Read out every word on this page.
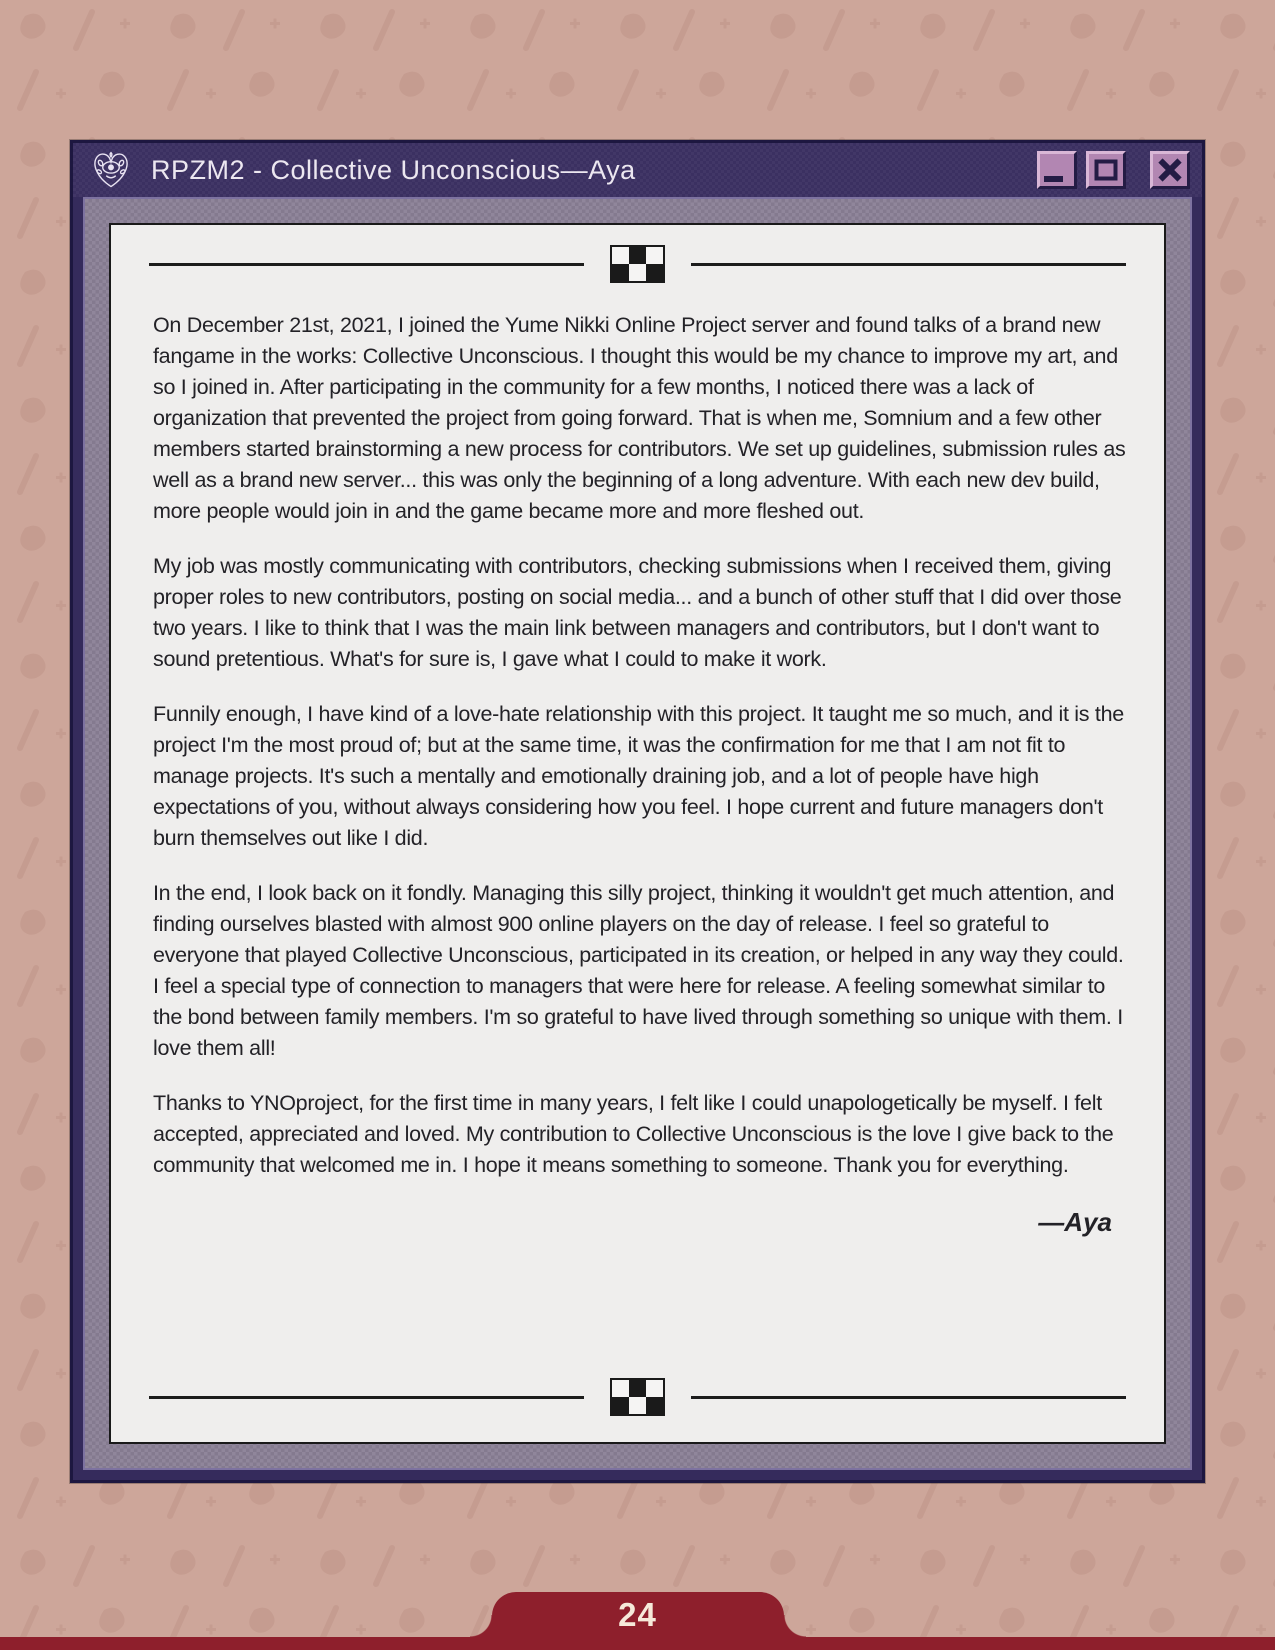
RPZM2 - Collective Unconscious—Aya

On December 21st, 2021, I joined the Yume Nikki Online Project server and found talks of a brand new fangame in the works: Collective Unconscious. I thought this would be my chance to improve my art, and so I joined in. After participating in the community for a few months, I noticed there was a lack of organization that prevented the project from going forward. That is when me, Somnium and a few other members started brainstorming a new process for contributors. We set up guidelines, submission rules as well as a brand new server... this was only the beginning of a long adventure. With each new dev build, more people would join in and the game became more and more fleshed out.

My job was mostly communicating with contributors, checking submissions when I received them, giving proper roles to new contributors, posting on social media... and a bunch of other stuff that I did over those two years. I like to think that I was the main link between managers and contributors, but I don't want to sound pretentious. What's for sure is, I gave what I could to make it work.

Funnily enough, I have kind of a love-hate relationship with this project. It taught me so much, and it is the project I'm the most proud of; but at the same time, it was the confirmation for me that I am not fit to manage projects. It's such a mentally and emotionally draining job, and a lot of people have high expectations of you, without always considering how you feel. I hope current and future managers don't burn themselves out like I did.

In the end, I look back on it fondly. Managing this silly project, thinking it wouldn't get much attention, and finding ourselves blasted with almost 900 online players on the day of release. I feel so grateful to everyone that played Collective Unconscious, participated in its creation, or helped in any way they could. I feel a special type of connection to managers that were here for release. A feeling somewhat similar to the bond between family members. I'm so grateful to have lived through something so unique with them. I love them all!

Thanks to YNOproject, for the first time in many years, I felt like I could unapologetically be myself. I felt accepted, appreciated and loved. My contribution to Collective Unconscious is the love I give back to the community that welcomed me in. I hope it means something to someone. Thank you for everything.

—Aya
24
